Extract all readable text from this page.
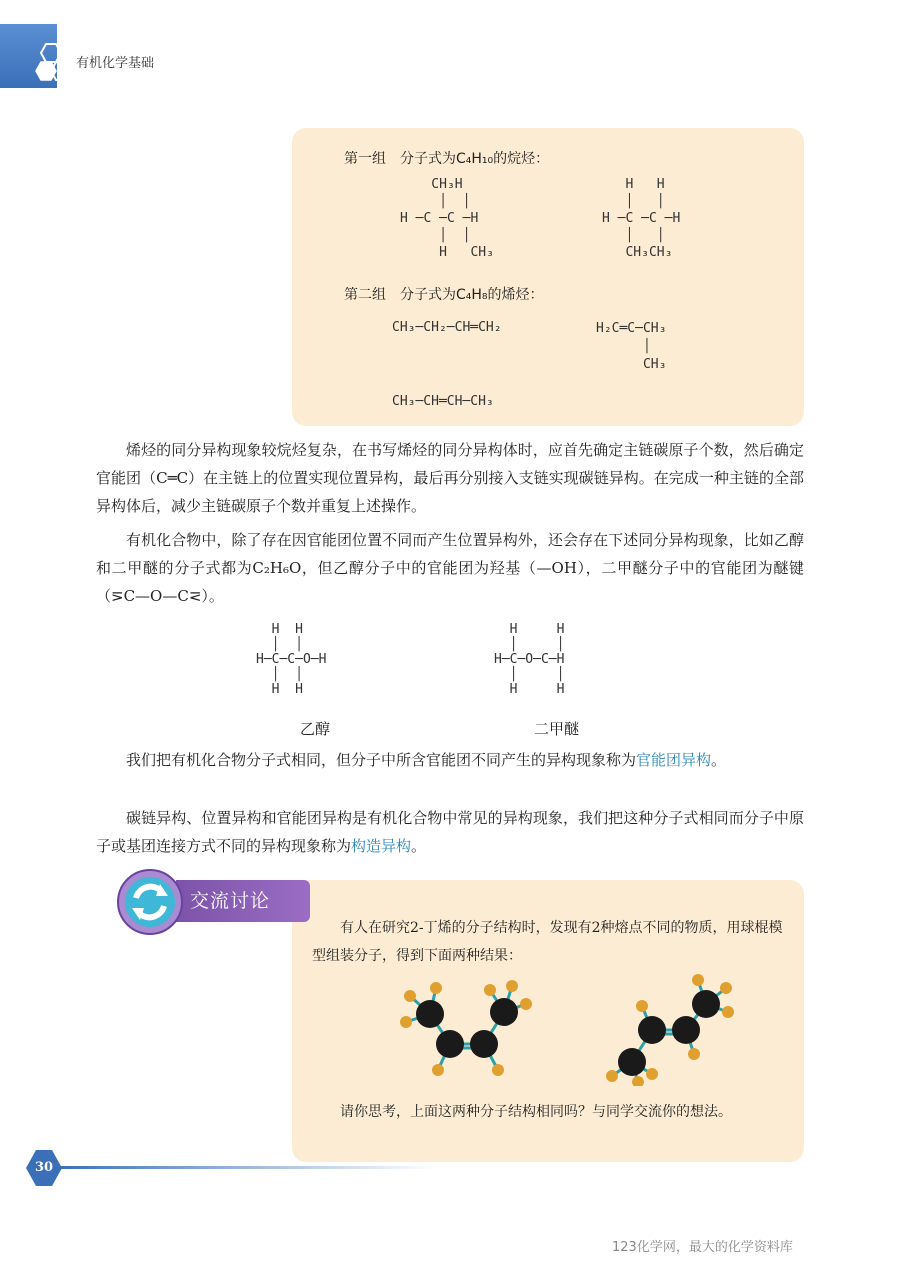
有机化学基础
第一组　分子式为C₄H₁₀的烷烃：
CH₃H
│  │
H ─C ─C ─H
│  │
H   CH₃
H   H
│   │
H ─C ─C ─H
│   │
CH₃CH₃
第二组　分子式为C₄H₈的烯烃：
CH₃─CH₂─CH═CH₂	H₂C═C─CH₃
│
CH₃
CH₃─CH═CH─CH₃

烯烃的同分异构现象较烷烃复杂，在书写烯烃的同分异构体时，应首先确定主链碳原子个数，然后确定官能团（C═C）在主链上的位置实现位置异构，最后再分别接入支链实现碳链异构。在完成一种主链的全部异构体后，减少主链碳原子个数并重复上述操作。

有机化合物中，除了存在因官能团位置不同而产生位置异构外，还会存在下述同分异构现象，比如乙醇和二甲醚的分子式都为C₂H₆O，但乙醇分子中的官能团为羟基（—OH），二甲醚分子中的官能团为醚键（⋝C—O—C⋜）。

H  H
│  │
H─C─C─O─H
│  │
H  H
乙醇
H     H
│     │
H─C─O─C─H
│     │
H     H
二甲醚

我们把有机化合物分子式相同，但分子中所含官能团不同产生的异构现象称为官能团异构。

碳链异构、位置异构和官能团异构是有机化合物中常见的异构现象，我们把这种分子式相同而分子中原子或基团连接方式不同的异构现象称为构造异构。

交流讨论

有人在研究2-丁烯的分子结构时，发现有2种熔点不同的物质，用球棍模型组装分子，得到下面两种结果：

请你思考，上面这两种分子结构相同吗？与同学交流你的想法。

30
123化学网，最大的化学资料库
